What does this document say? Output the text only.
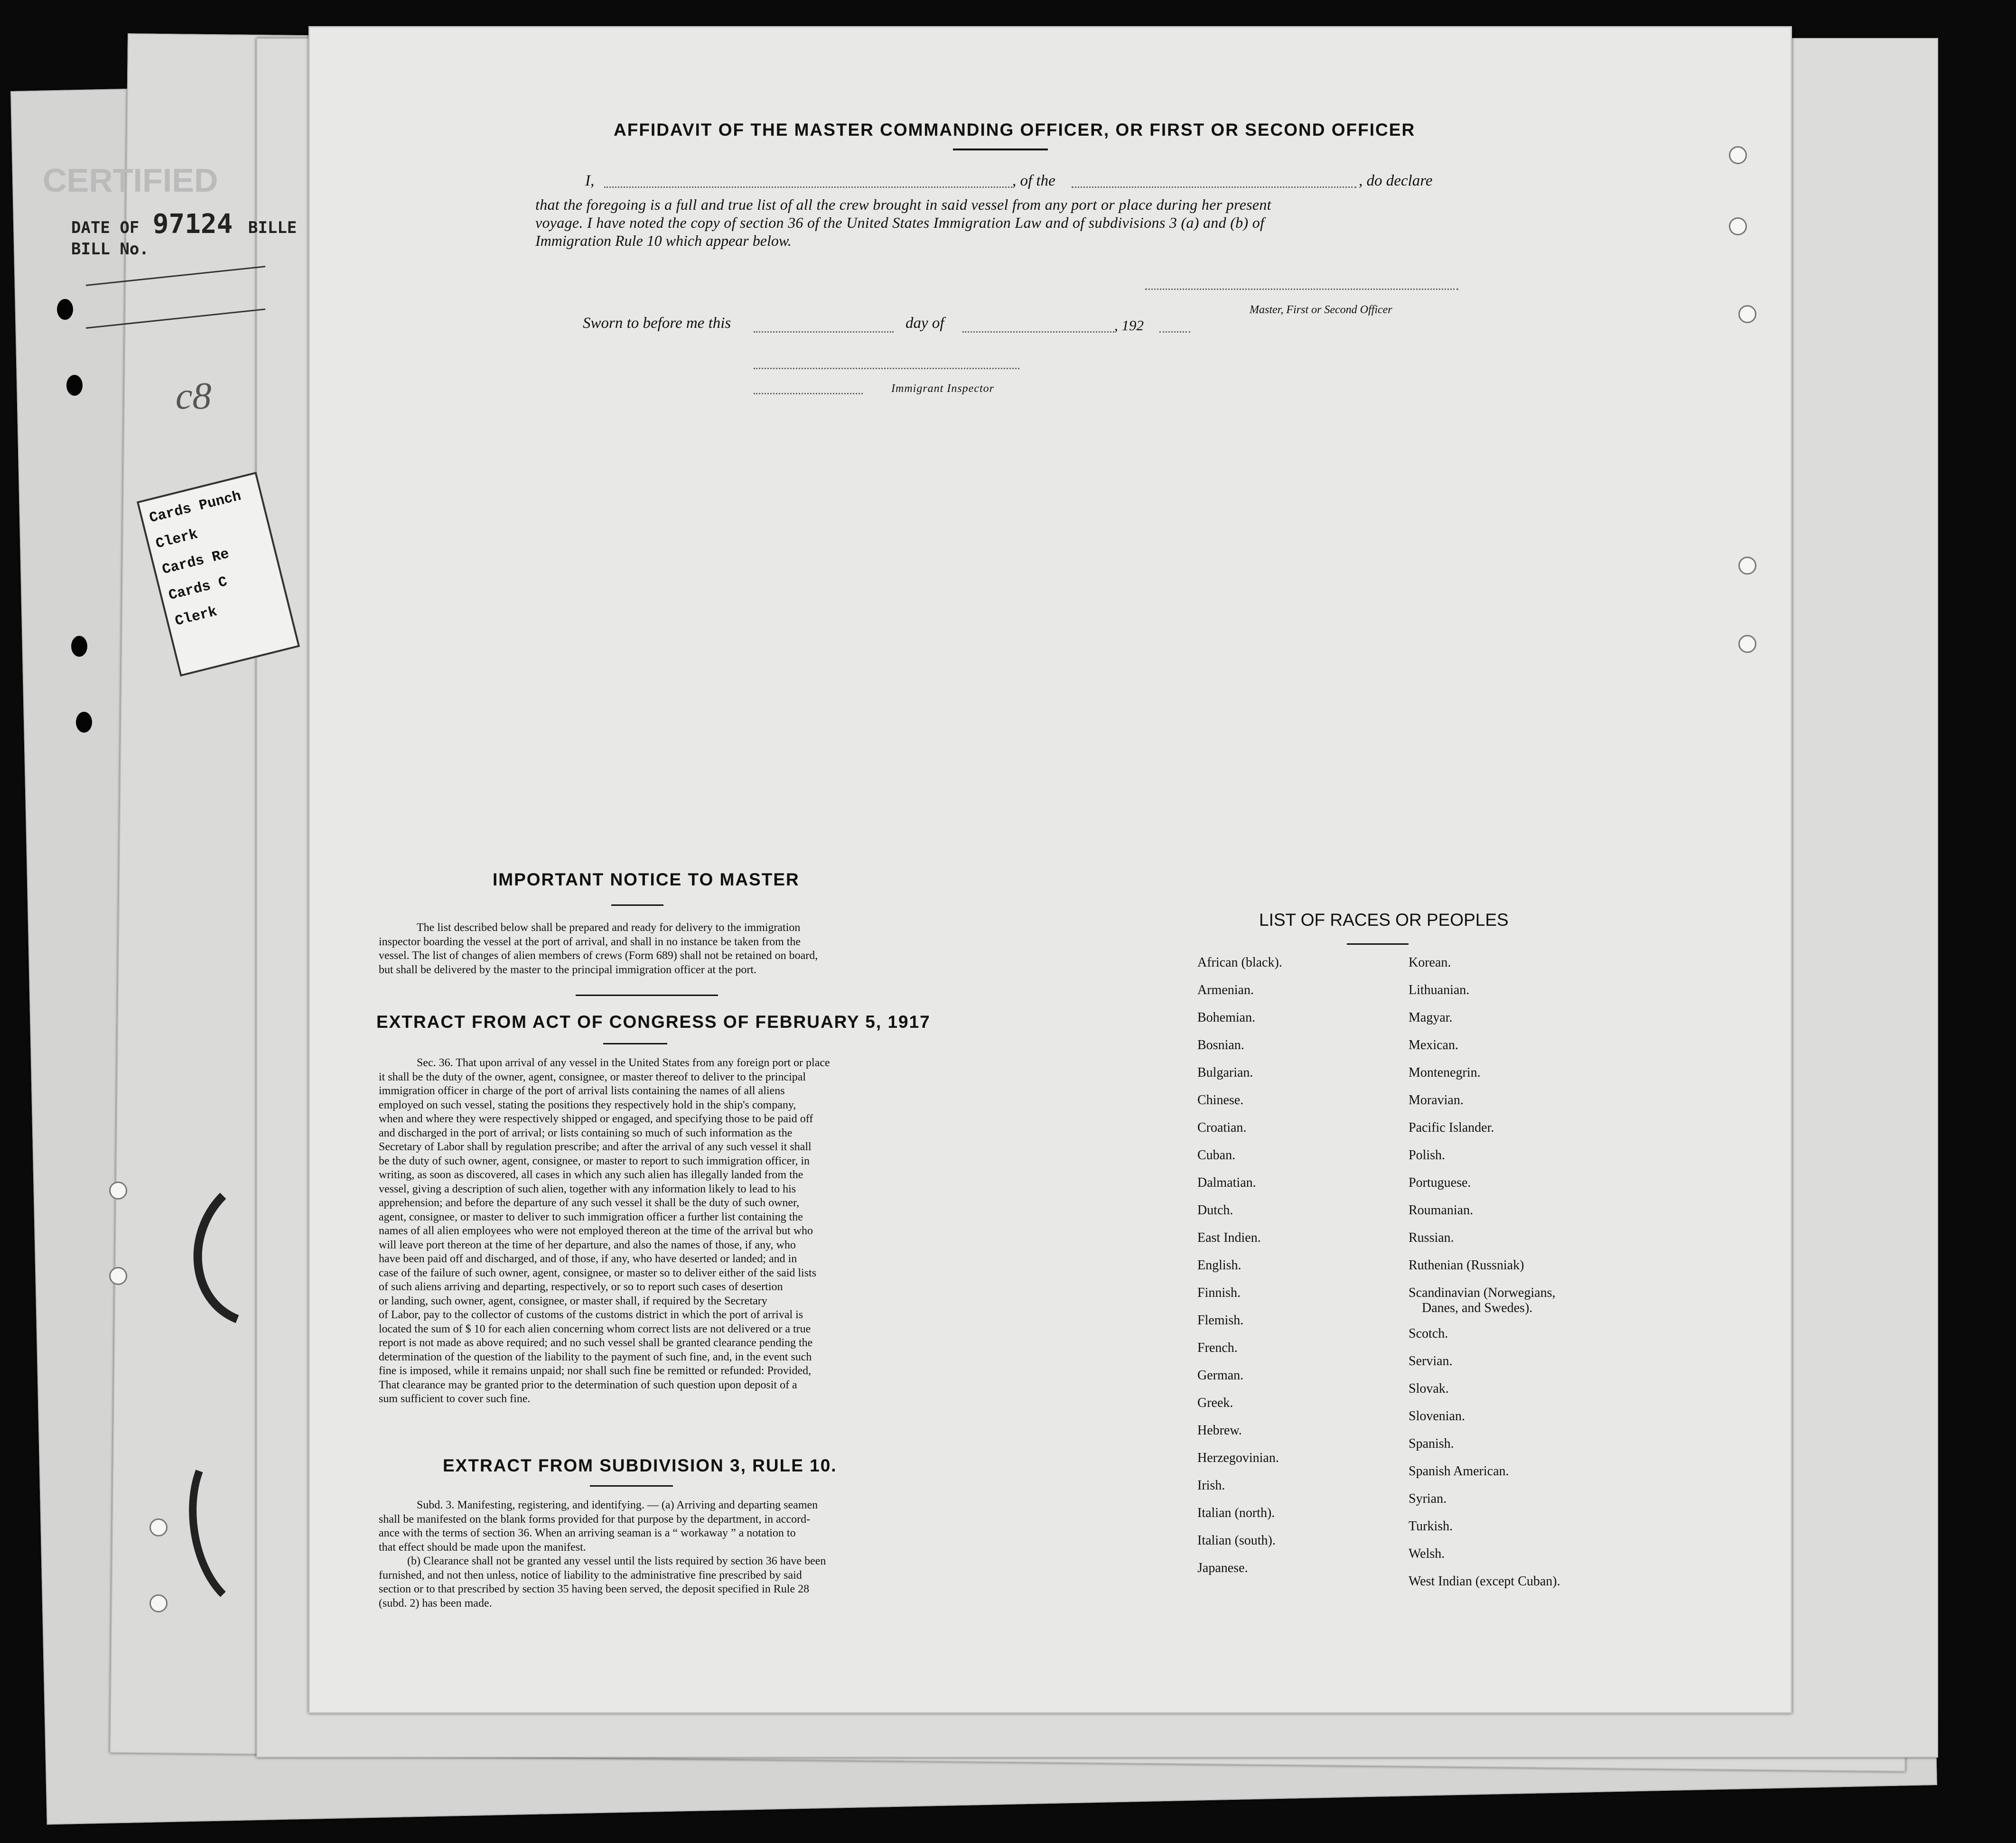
DATE OF 97124 BILLE
BILL No.
CERTIFIED
c8
Cards Punch
Clerk
Cards Re
Cards C
Clerk
AFFIDAVIT OF THE MASTER COMMANDING OFFICER, OR FIRST OR SECOND OFFICER
I,	, of the	, do declare
that the foregoing is a full and true list of all the crew brought in said vessel from any port or place during her present
voyage. I have noted the copy of section 36 of the United States Immigration Law and of subdivisions 3 (a) and (b) of
Immigration Rule 10 which appear below.
Master, First or Second Officer
Sworn to before me this	day of	, 192
Immigrant Inspector
IMPORTANT NOTICE TO MASTER
The list described below shall be prepared and ready for delivery to the immigration
inspector boarding the vessel at the port of arrival, and shall in no instance be taken from the
vessel. The list of changes of alien members of crews (Form 689) shall not be retained on board,
but shall be delivered by the master to the principal immigration officer at the port.
EXTRACT FROM ACT OF CONGRESS OF FEBRUARY 5, 1917
Sec. 36. That upon arrival of any vessel in the United States from any foreign port or place
it shall be the duty of the owner, agent, consignee, or master thereof to deliver to the principal
immigration officer in charge of the port of arrival lists containing the names of all aliens
employed on such vessel, stating the positions they respectively hold in the ship's company,
when and where they were respectively shipped or engaged, and specifying those to be paid off
and discharged in the port of arrival; or lists containing so much of such information as the
Secretary of Labor shall by regulation prescribe; and after the arrival of any such vessel it shall
be the duty of such owner, agent, consignee, or master to report to such immigration officer, in
writing, as soon as discovered, all cases in which any such alien has illegally landed from the
vessel, giving a description of such alien, together with any information likely to lead to his
apprehension; and before the departure of any such vessel it shall be the duty of such owner,
agent, consignee, or master to deliver to such immigration officer a further list containing the
names of all alien employees who were not employed thereon at the time of the arrival but who
will leave port thereon at the time of her departure, and also the names of those, if any, who
have been paid off and discharged, and of those, if any, who have deserted or landed; and in
case of the failure of such owner, agent, consignee, or master so to deliver either of the said lists
of such aliens arriving and departing, respectively, or so to report such cases of desertion
or landing, such owner, agent, consignee, or master shall, if required by the Secretary
of Labor, pay to the collector of customs of the customs district in which the port of arrival is
located the sum of $ 10 for each alien concerning whom correct lists are not delivered or a true
report is not made as above required; and no such vessel shall be granted clearance pending the
determination of the question of the liability to the payment of such fine, and, in the event such
fine is imposed, while it remains unpaid; nor shall such fine be remitted or refunded: Provided,
That clearance may be granted prior to the determination of such question upon deposit of a
sum sufficient to cover such fine.
EXTRACT FROM SUBDIVISION 3, RULE 10.
Subd. 3. Manifesting, registering, and identifying. — (a) Arriving and departing seamen
shall be manifested on the blank forms provided for that purpose by the department, in accord-
ance with the terms of section 36. When an arriving seaman is a “ workaway ” a notation to
that effect should be made upon the manifest.
(b) Clearance shall not be granted any vessel until the lists required by section 36 have been
furnished, and not then unless, notice of liability to the administrative fine prescribed by said
section or to that prescribed by section 35 having been served, the deposit specified in Rule 28
(subd. 2) has been made.
LIST OF RACES OR PEOPLES
African (black).
Armenian.
Bohemian.
Bosnian.
Bulgarian.
Chinese.
Croatian.
Cuban.
Dalmatian.
Dutch.
East Indien.
English.
Finnish.
Flemish.
French.
German.
Greek.
Hebrew.
Herzegovinian.
Irish.
Italian (north).
Italian (south).
Japanese.
Korean.
Lithuanian.
Magyar.
Mexican.
Montenegrin.
Moravian.
Pacific Islander.
Polish.
Portuguese.
Roumanian.
Russian.
Ruthenian (Russniak)
Scandinavian (Norwegians,
Danes, and Swedes).
Scotch.
Servian.
Slovak.
Slovenian.
Spanish.
Spanish American.
Syrian.
Turkish.
Welsh.
West Indian (except Cuban).
